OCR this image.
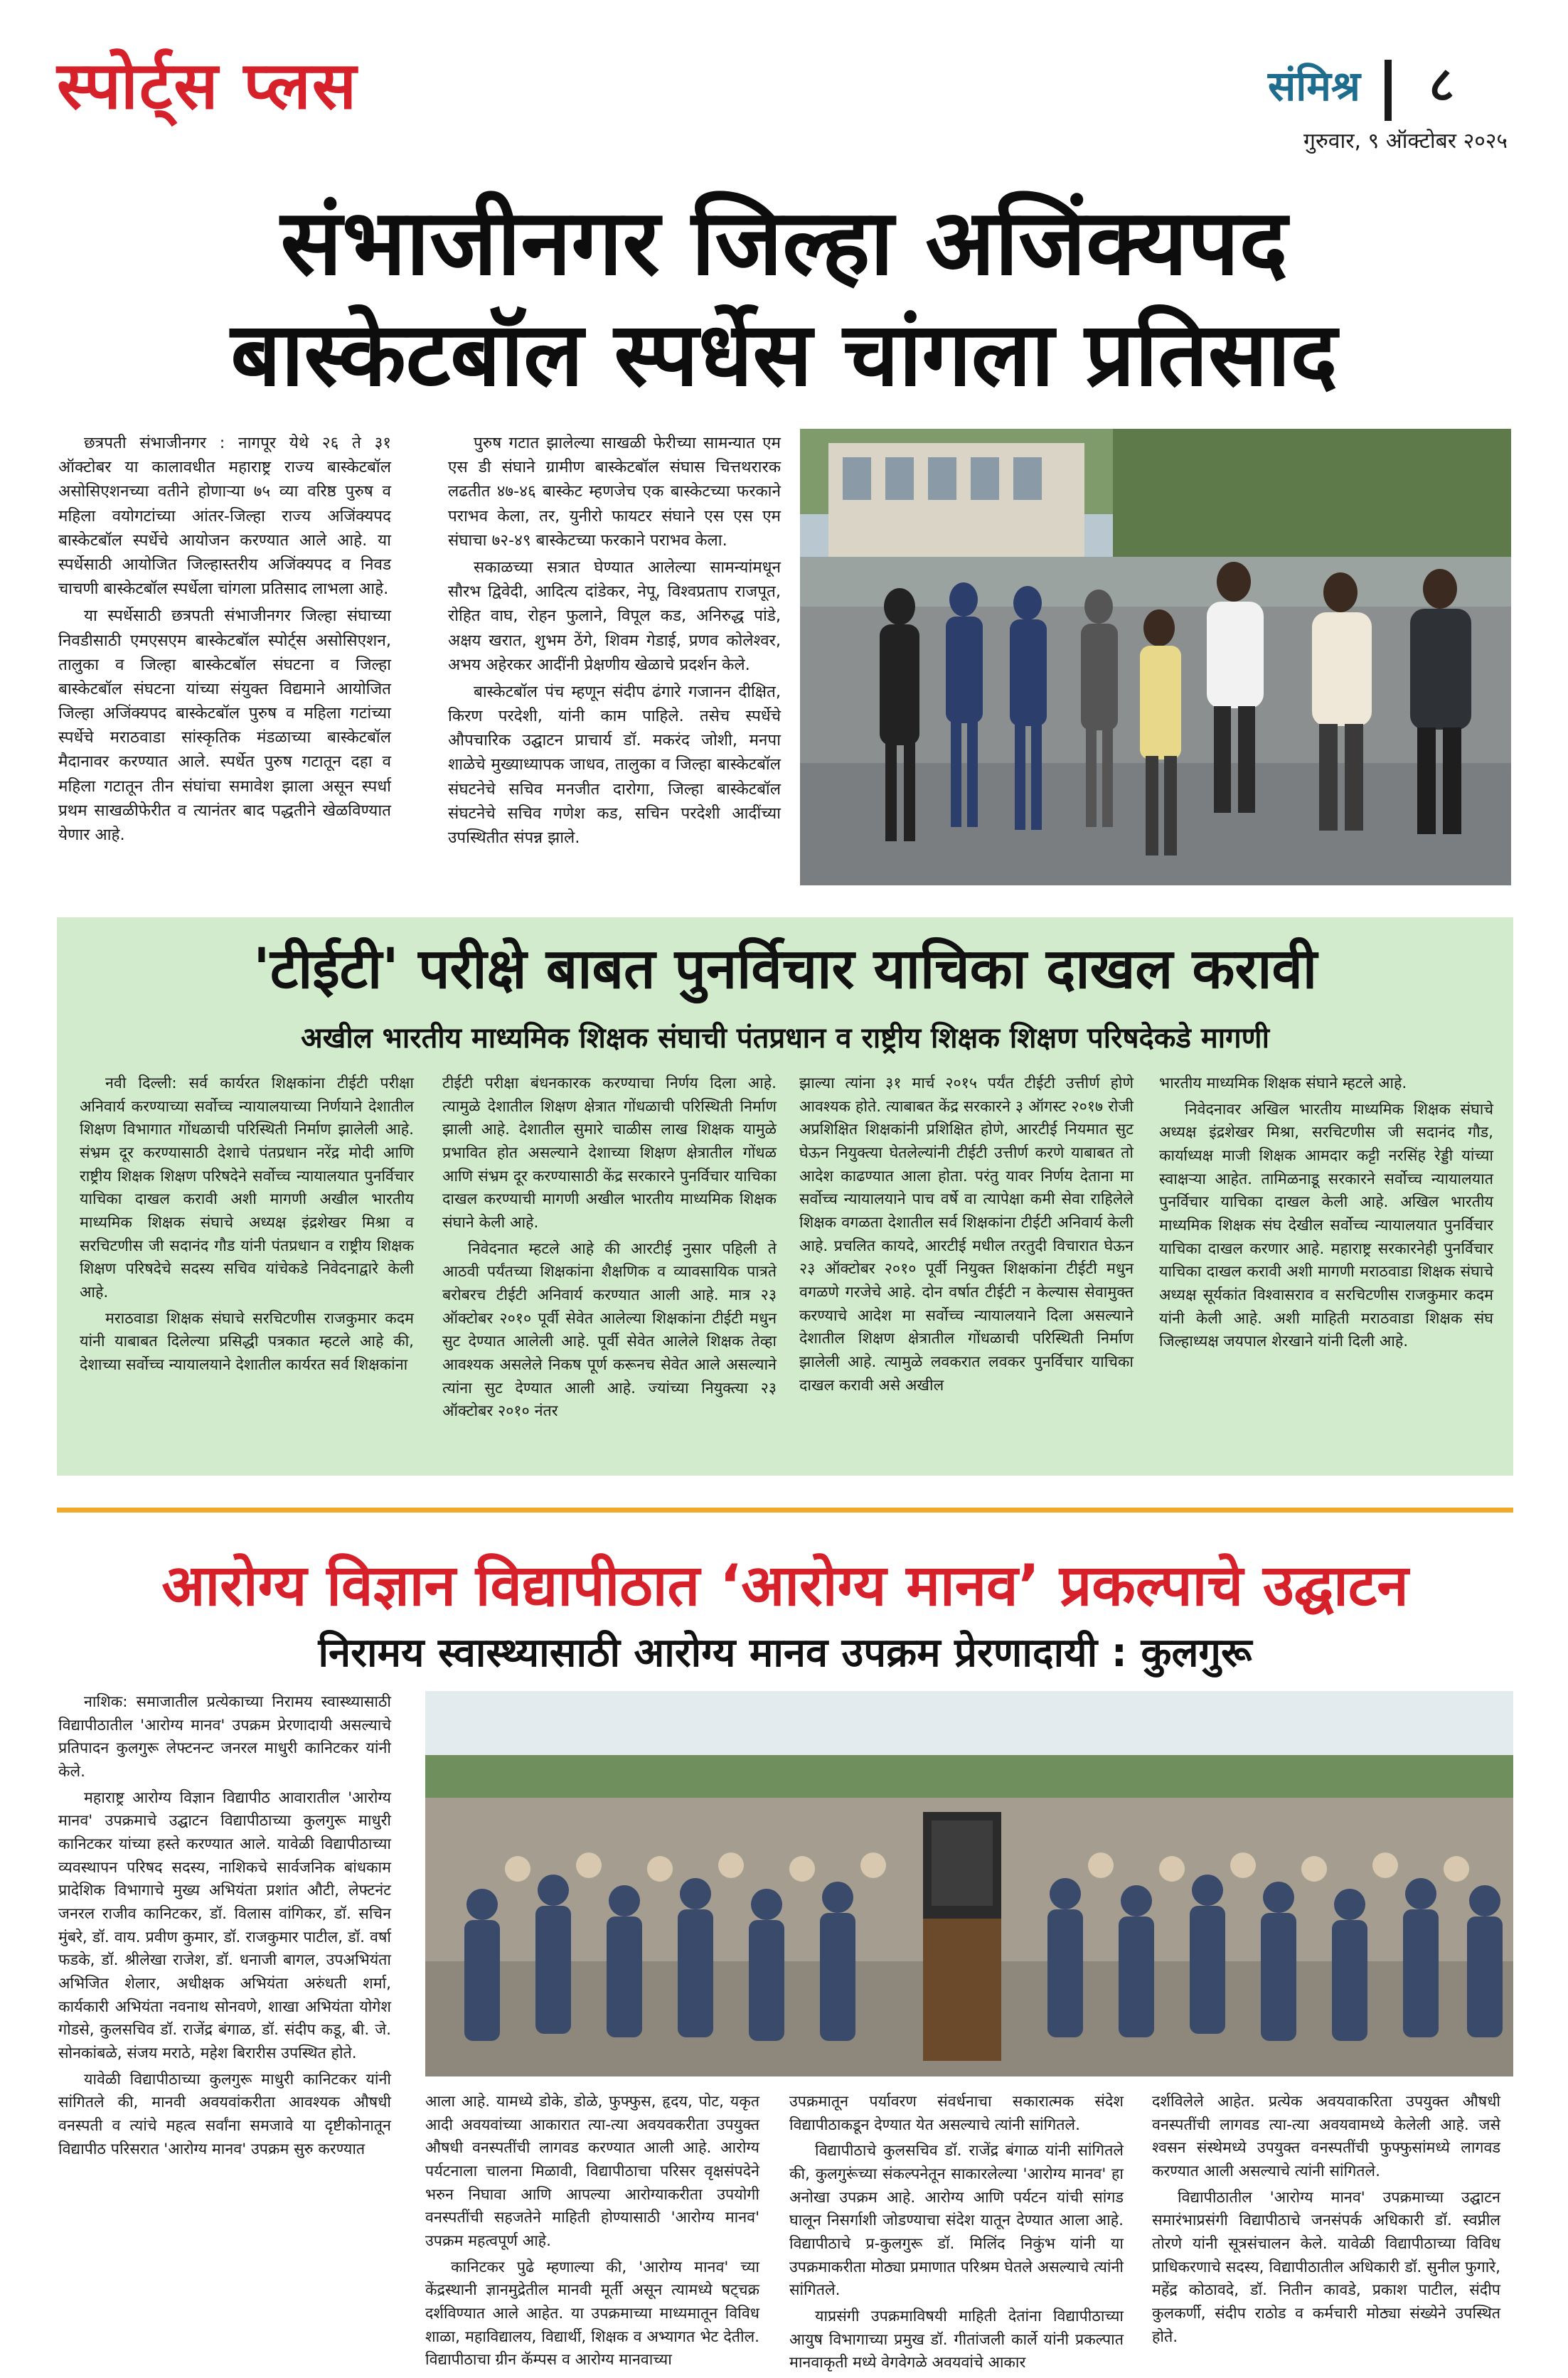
स्पोर्ट्स प्लस	संमिश्र ८
गुरुवार, ९ ऑक्टोबर २०२५
संभाजीनगर जिल्हा अजिंक्यपद
बास्केटबॉल स्पर्धेस चांगला प्रतिसाद

छत्रपती संभाजीनगर : नागपूर येथे २६ ते ३१ ऑक्टोबर या कालावधीत महाराष्ट्र राज्य बास्केटबॉल असोसिएशनच्या वतीने होणाऱ्या ७५ व्या वरिष्ठ पुरुष व महिला वयोगटांच्या आंतर-जिल्हा राज्य अजिंक्यपद बास्केटबॉल स्पर्धेचे आयोजन करण्यात आले आहे. या स्पर्धेसाठी आयोजित जिल्हास्तरीय अजिंक्यपद व निवड चाचणी बास्केटबॉल स्पर्धेला चांगला प्रतिसाद लाभला आहे.

या स्पर्धेसाठी छत्रपती संभाजीनगर जिल्हा संघाच्या निवडीसाठी एमएसएम बास्केटबॉल स्पोर्ट्स असोसिएशन, तालुका व जिल्हा बास्केटबॉल संघटना व जिल्हा बास्केटबॉल संघटना यांच्या संयुक्त विद्यमाने आयोजित जिल्हा अजिंक्यपद बास्केटबॉल पुरुष व महिला गटांच्या स्पर्धेचे मराठवाडा सांस्कृतिक मंडळाच्या बास्केटबॉल मैदानावर करण्यात आले. स्पर्धेत पुरुष गटातून दहा व महिला गटातून तीन संघांचा समावेश झाला असून स्पर्धा प्रथम साखळीफेरीत व त्यानंतर बाद पद्धतीने खेळविण्यात येणार आहे.

पुरुष गटात झालेल्या साखळी फेरीच्या सामन्यात एम एस डी संघाने ग्रामीण बास्केटबॉल संघास चित्तथरारक लढतीत ४७-४६ बास्केट म्हणजेच एक बास्केटच्या फरकाने पराभव केला, तर, युनीरो फायटर संघाने एस एस एम संघाचा ७२-४९ बास्केटच्या फरकाने पराभव केला.

सकाळच्या सत्रात घेण्यात आलेल्या सामन्यांमधून सौरभ द्विवेदी, आदित्य दांडेकर, नेपू, विश्वप्रताप राजपूत, रोहित वाघ, रोहन फुलाने, विपूल कड, अनिरुद्ध पांडे, अक्षय खरात, शुभम ठेंगे, शिवम गेडाई, प्रणव कोलेश्वर, अभय अहेरकर आदींनी प्रेक्षणीय खेळाचे प्रदर्शन केले.

बास्केटबॉल पंच म्हणून संदीप ढंगारे गजानन दीक्षित, किरण परदेशी, यांनी काम पाहिले. तसेच स्पर्धेचे औपचारिक उद्घाटन प्राचार्य डॉ. मकरंद जोशी, मनपा शाळेचे मुख्याध्यापक जाधव, तालुका व जिल्हा बास्केटबॉल संघटनेचे सचिव मनजीत दारोगा, जिल्हा बास्केटबॉल संघटनेचे सचिव गणेश कड, सचिन परदेशी आदींच्या उपस्थितीत संपन्न झाले.

'टीईटी' परीक्षे बाबत पुनर्विचार याचिका दाखल करावी
अखील भारतीय माध्यमिक शिक्षक संघाची पंतप्रधान व राष्ट्रीय शिक्षक शिक्षण परिषदेकडे मागणी

नवी दिल्ली: सर्व कार्यरत शिक्षकांना टीईटी परीक्षा अनिवार्य करण्याच्या सर्वोच्च न्यायालयाच्या निर्णयाने देशातील शिक्षण विभागात गोंधळाची परिस्थिती निर्माण झालेली आहे. संभ्रम दूर करण्यासाठी देशाचे पंतप्रधान नरेंद्र मोदी आणि राष्ट्रीय शिक्षक शिक्षण परिषदेने सर्वोच्च न्यायालयात पुनर्विचार याचिका दाखल करावी अशी मागणी अखील भारतीय माध्यमिक शिक्षक संघाचे अध्यक्ष इंद्रशेखर मिश्रा व सरचिटणीस जी सदानंद गौड यांनी पंतप्रधान व राष्ट्रीय शिक्षक शिक्षण परिषदेचे सदस्य सचिव यांचेकडे निवेदनाद्वारे केली आहे.

मराठवाडा शिक्षक संघाचे सरचिटणीस राजकुमार कदम यांनी याबाबत दिलेल्या प्रसिद्धी पत्रकात म्हटले आहे की, देशाच्या सर्वोच्च न्यायालयाने देशातील कार्यरत सर्व शिक्षकांना

टीईटी परीक्षा बंधनकारक करण्याचा निर्णय दिला आहे. त्यामुळे देशातील शिक्षण क्षेत्रात गोंधळाची परिस्थिती निर्माण झाली आहे. देशातील सुमारे चाळीस लाख शिक्षक यामुळे प्रभावित होत असल्याने देशाच्या शिक्षण क्षेत्रातील गोंधळ आणि संभ्रम दूर करण्यासाठी केंद्र सरकारने पुनर्विचार याचिका दाखल करण्याची मागणी अखील भारतीय माध्यमिक शिक्षक संघाने केली आहे.

निवेदनात म्हटले आहे की आरटीई नुसार पहिली ते आठवी पर्यंतच्या शिक्षकांना शैक्षणिक व व्यावसायिक पात्रते बरोबरच टीईटी अनिवार्य करण्यात आली आहे. मात्र २३ ऑक्टोबर २०१० पूर्वी सेवेत आलेल्या शिक्षकांना टीईटी मधुन सुट देण्यात आलेली आहे. पूर्वी सेवेत आलेले शिक्षक तेव्हा आवश्यक असलेले निकष पूर्ण करूनच सेवेत आले असल्याने त्यांना सुट देण्यात आली आहे. ज्यांच्या नियुक्त्या २३ ऑक्टोबर २०१० नंतर

झाल्या त्यांना ३१ मार्च २०१५ पर्यंत टीईटी उत्तीर्ण होणे आवश्यक होते. त्याबाबत केंद्र सरकारने ३ ऑगस्ट २०१७ रोजी अप्रशिक्षित शिक्षकांनी प्रशिक्षित होणे, आरटीई नियमात सुट घेऊन नियुक्त्या घेतलेल्यांनी टीईटी उत्तीर्ण करणे याबाबत तो आदेश काढण्यात आला होता. परंतु यावर निर्णय देताना मा सर्वोच्च न्यायालयाने पाच वर्षे वा त्यापेक्षा कमी सेवा राहिलेले शिक्षक वगळता देशातील सर्व शिक्षकांना टीईटी अनिवार्य केली आहे. प्रचलित कायदे, आरटीई मधील तरतुदी विचारात घेऊन २३ ऑक्टोबर २०१० पूर्वी नियुक्त शिक्षकांना टीईटी मधुन वगळणे गरजेचे आहे. दोन वर्षात टीईटी न केल्यास सेवामुक्त करण्याचे आदेश मा सर्वोच्च न्यायालयाने दिला असल्याने देशातील शिक्षण क्षेत्रातील गोंधळाची परिस्थिती निर्माण झालेली आहे. त्यामुळे लवकरात लवकर पुनर्विचार याचिका दाखल करावी असे अखील

भारतीय माध्यमिक शिक्षक संघाने म्हटले आहे.

निवेदनावर अखिल भारतीय माध्यमिक शिक्षक संघाचे अध्यक्ष इंद्रशेखर मिश्रा, सरचिटणीस जी सदानंद गौड, कार्याध्यक्ष माजी शिक्षक आमदार कट्टी नरसिंह रेड्डी यांच्या स्वाक्षऱ्या आहेत. तामिळनाडू सरकारने सर्वोच्च न्यायालयात पुनर्विचार याचिका दाखल केली आहे. अखिल भारतीय माध्यमिक शिक्षक संघ देखील सर्वोच्च न्यायालयात पुनर्विचार याचिका दाखल करणार आहे. महाराष्ट्र सरकारनेही पुनर्विचार याचिका दाखल करावी अशी मागणी मराठवाडा शिक्षक संघाचे अध्यक्ष सूर्यकांत विश्वासराव व सरचिटणीस राजकुमार कदम यांनी केली आहे. अशी माहिती मराठवाडा शिक्षक संघ जिल्हाध्यक्ष जयपाल शेरखाने यांनी दिली आहे.

आरोग्य विज्ञान विद्यापीठात ‘आरोग्य मानव’ प्रकल्पाचे उद्घाटन
निरामय स्वास्थ्यासाठी आरोग्य मानव उपक्रम प्रेरणादायी : कुलगुरू

नाशिक: समाजातील प्रत्येकाच्या निरामय स्वास्थ्यासाठी विद्यापीठातील 'आरोग्य मानव' उपक्रम प्रेरणादायी असल्याचे प्रतिपादन कुलगुरू लेफ्टनन्ट जनरल माधुरी कानिटकर यांनी केले.

महाराष्ट्र आरोग्य विज्ञान विद्यापीठ आवारातील 'आरोग्य मानव' उपक्रमाचे उद्घाटन विद्यापीठाच्या कुलगुरू माधुरी कानिटकर यांच्या हस्ते करण्यात आले. यावेळी विद्यापीठाच्या व्यवस्थापन परिषद सदस्य, नाशिकचे सार्वजनिक बांधकाम प्रादेशिक विभागाचे मुख्य अभियंता प्रशांत औटी, लेफ्टनंट जनरल राजीव कानिटकर, डॉ. विलास वांगिकर, डॉ. सचिन मुंबरे, डॉ. वाय. प्रवीण कुमार, डॉ. राजकुमार पाटील, डॉ. वर्षा फडके, डॉ. श्रीलेखा राजेश, डॉ. धनाजी बागल, उपअभियंता अभिजित शेलार, अधीक्षक अभियंता अरुंधती शर्मा, कार्यकारी अभियंता नवनाथ सोनवणे, शाखा अभियंता योगेश गोडसे, कुलसचिव डॉ. राजेंद्र बंगाळ, डॉ. संदीप कडू, बी. जे. सोनकांबळे, संजय मराठे, महेश बिरारीस उपस्थित होते.

यावेळी विद्यापीठाच्या कुलगुरू माधुरी कानिटकर यांनी सांगितले की, मानवी अवयवांकरीता आवश्यक औषधी वनस्पती व त्यांचे महत्व सर्वांना समजावे या दृष्टीकोनातून विद्यापीठ परिसरात 'आरोग्य मानव' उपक्रम सुरु करण्यात

आला आहे. यामध्ये डोके, डोळे, फुफ्फुस, हृदय, पोट, यकृत आदी अवयवांच्या आकारात त्या-त्या अवयवकरीता उपयुक्त औषधी वनस्पतींची लागवड करण्यात आली आहे. आरोग्य पर्यटनाला चालना मिळावी, विद्यापीठाचा परिसर वृक्षसंपदेने भरुन निघावा आणि आपल्या आरोग्याकरीता उपयोगी वनस्पतींची सहजतेने माहिती होण्यासाठी 'आरोग्य मानव' उपक्रम महत्वपूर्ण आहे.

कानिटकर पुढे म्हणाल्या की, 'आरोग्य मानव' च्या केंद्रस्थानी ज्ञानमुद्रेतील मानवी मूर्ती असून त्यामध्ये षट्चक्र दर्शविण्यात आले आहेत. या उपक्रमाच्या माध्यमातून विविध शाळा, महाविद्यालय, विद्यार्थी, शिक्षक व अभ्यागत भेट देतील. विद्यापीठाचा ग्रीन कॅम्पस व आरोग्य मानवाच्या

उपक्रमातून पर्यावरण संवर्धनाचा सकारात्मक संदेश विद्यापीठाकडून देण्यात येत असल्याचे त्यांनी सांगितले.

विद्यापीठाचे कुलसचिव डॉ. राजेंद्र बंगाळ यांनी सांगितले की, कुलगुरूंच्या संकल्पनेतून साकारलेल्या 'आरोग्य मानव' हा अनोखा उपक्रम आहे. आरोग्य आणि पर्यटन यांची सांगड घालून निसर्गाशी जोडण्याचा संदेश यातून देण्यात आला आहे. विद्यापीठाचे प्र-कुलगुरू डॉ. मिलिंद निकुंभ यांनी या उपक्रमाकरीता मोठ्या प्रमाणात परिश्रम घेतले असल्याचे त्यांनी सांगितले.

याप्रसंगी उपक्रमाविषयी माहिती देतांना विद्यापीठाच्या आयुष विभागाच्या प्रमुख डॉ. गीतांजली कार्ले यांनी प्रकल्पात मानवाकृती मध्ये वेगवेगळे अवयवांचे आकार

दर्शविलेले आहेत. प्रत्येक अवयवाकरिता उपयुक्त औषधी वनस्पतींची लागवड त्या-त्या अवयवामध्ये केलेली आहे. जसे श्वसन संस्थेमध्ये उपयुक्त वनस्पतींची फुफ्फुसांमध्ये लागवड करण्यात आली असल्याचे त्यांनी सांगितले.

विद्यापीठातील 'आरोग्य मानव' उपक्रमाच्या उद्घाटन समारंभाप्रसंगी विद्यापीठाचे जनसंपर्क अधिकारी डॉ. स्वप्नील तोरणे यांनी सूत्रसंचालन केले. यावेळी विद्यापीठाच्या विविध प्राधिकरणाचे सदस्य, विद्यापीठातील अधिकारी डॉ. सुनील फुगारे, महेंद्र कोठावदे, डॉ. नितीन कावडे, प्रकाश पाटील, संदीप कुलकर्णी, संदीप राठोड व कर्मचारी मोठ्या संख्येने उपस्थित होते.
